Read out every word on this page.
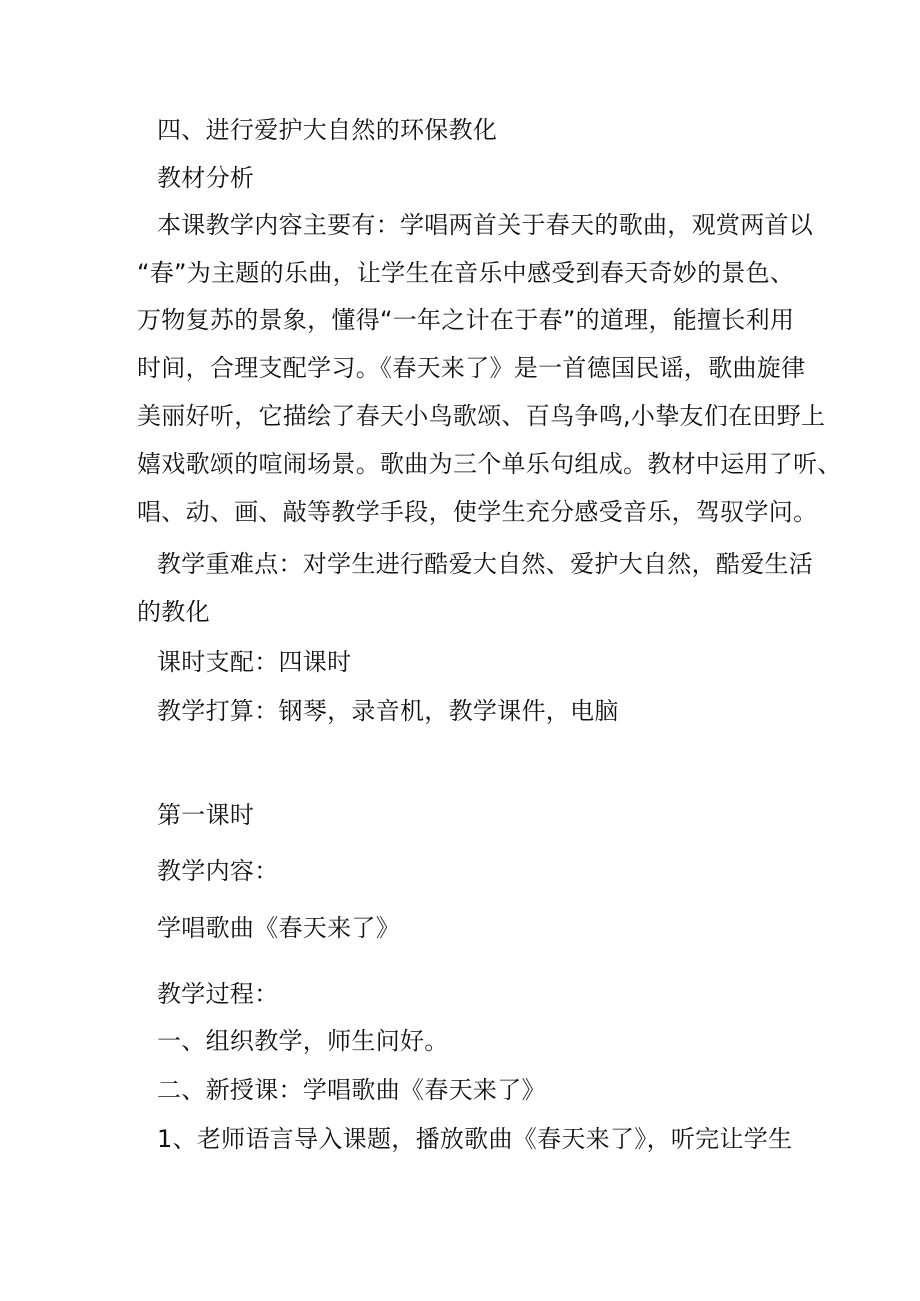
四、进行爱护大自然的环保教化
教材分析
本课教学内容主要有：学唱两首关于春天的歌曲，观赏两首以
“春”为主题的乐曲，让学生在音乐中感受到春天奇妙的景色、
万物复苏的景象，懂得“一年之计在于春”的道理，能擅长利用
时间，合理支配学习。《春天来了》是一首德国民谣，歌曲旋律
美丽好听，它描绘了春天小鸟歌颂、百鸟争鸣,小挚友们在田野上
嬉戏歌颂的喧闹场景。歌曲为三个单乐句组成。教材中运用了听、
唱、动、画、敲等教学手段，使学生充分感受音乐，驾驭学问。
教学重难点：对学生进行酷爱大自然、爱护大自然，酷爱生活
的教化
课时支配：四课时
教学打算：钢琴，录音机，教学课件，电脑
第一课时
教学内容：
学唱歌曲《春天来了》
教学过程：
一、组织教学，师生问好。
二、新授课：学唱歌曲《春天来了》
1、老师语言导入课题，播放歌曲《春天来了》，听完让学生
